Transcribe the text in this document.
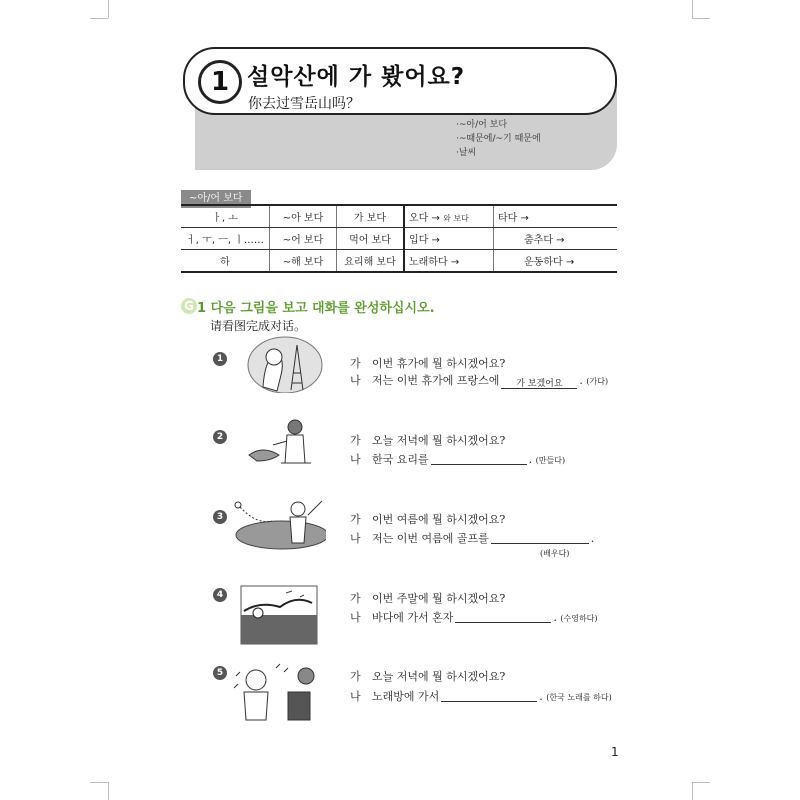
1 설악산에 가 봤어요?
你去过雪岳山吗？
·~아/어 보다
·~때문에/~기 때문에
·날씨
~아/어 보다
ㅏ, ㅗ	~아 보다	가 보다	오다 → 와 보다	타다 →
ㅓ, ㅜ, ㅡ, ㅣ……	~어 보다	먹어 보다	입다 →	춤추다 →
하	~해 보다	요리해 보다	노래하다 →	운동하다 →
G 1 다음 그림을 보고 대화를 완성하십시오.
请看图完成对话。
1	가 이번 휴가에 뭘 하시겠어요?
나 저는 이번 휴가에 프랑스에 가 보겠어요 . (가다)
2	가 오늘 저녁에 뭘 하시겠어요?
나 한국 요리를	. (만들다)
3	가 이번 여름에 뭘 하시겠어요?
나 저는 이번 여름에 골프를	.
(배우다)
4	가 이번 주말에 뭘 하시겠어요?
나 바다에 가서 혼자	. (수영하다)
5	가 오늘 저녁에 뭘 하시겠어요?
나 노래방에 가서	. (한국 노래를 하다)
1
